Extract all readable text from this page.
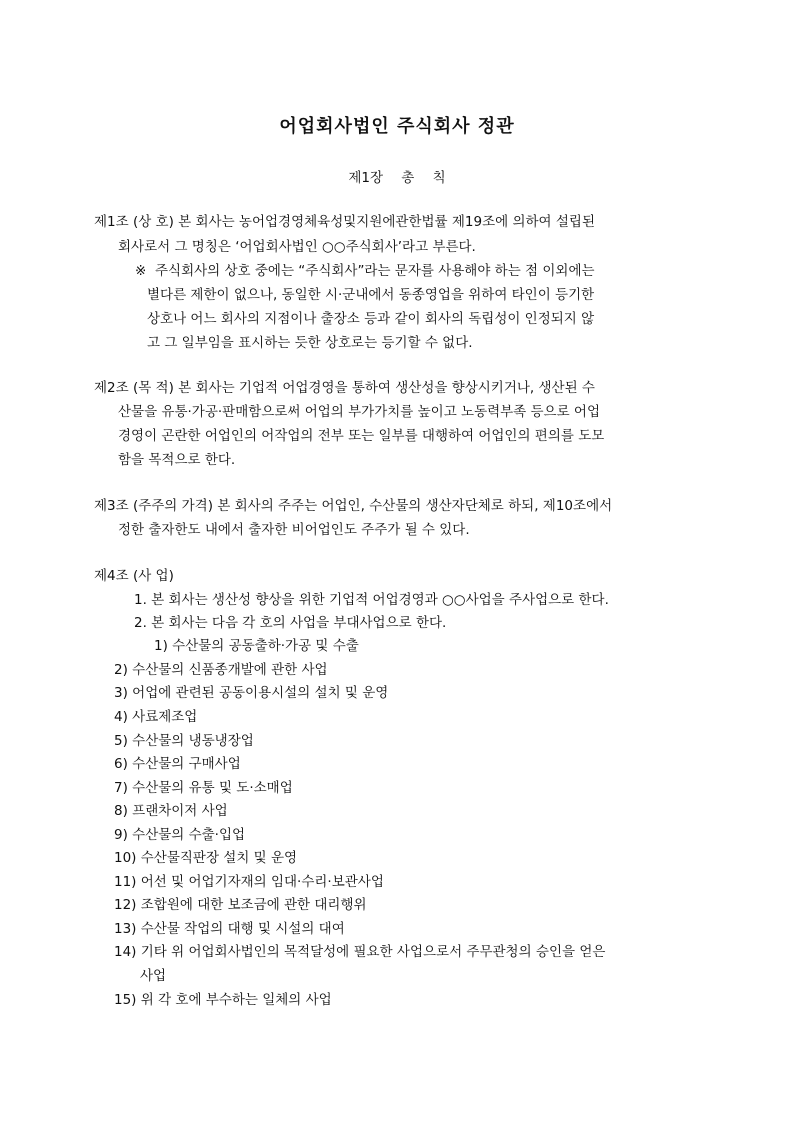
어업회사법인 주식회사 정관
제1장 총 칙
제1조 (상 호) 본 회사는 농어업경영체육성및지원에관한법률 제19조에 의하여 설립된
회사로서 그 명칭은 ‘어업회사법인 ○○주식회사’라고 부른다.
※ 주식회사의 상호 중에는 “주식회사”라는 문자를 사용해야 하는 점 이외에는
별다른 제한이 없으나, 동일한 시·군내에서 동종영업을 위하여 타인이 등기한
상호나 어느 회사의 지점이나 출장소 등과 같이 회사의 독립성이 인정되지 않
고 그 일부임을 표시하는 듯한 상호로는 등기할 수 없다.
제2조 (목 적) 본 회사는 기업적 어업경영을 통하여 생산성을 향상시키거나, 생산된 수
산물을 유통·가공·판매함으로써 어업의 부가가치를 높이고 노동력부족 등으로 어업
경영이 곤란한 어업인의 어작업의 전부 또는 일부를 대행하여 어업인의 편의를 도모
함을 목적으로 한다.
제3조 (주주의 가격) 본 회사의 주주는 어업인, 수산물의 생산자단체로 하되, 제10조에서
정한 출자한도 내에서 출자한 비어업인도 주주가 될 수 있다.
제4조 (사 업)
1. 본 회사는 생산성 향상을 위한 기업적 어업경영과 ○○사업을 주사업으로 한다.
2. 본 회사는 다음 각 호의 사업을 부대사업으로 한다.
1) 수산물의 공동출하·가공 및 수출
2) 수산물의 신품종개발에 관한 사업
3) 어업에 관련된 공동이용시설의 설치 및 운영
4) 사료제조업
5) 수산물의 냉동냉장업
6) 수산물의 구매사업
7) 수산물의 유통 및 도·소매업
8) 프랜차이저 사업
9) 수산물의 수출·입업
10) 수산물직판장 설치 및 운영
11) 어선 및 어업기자재의 임대·수리·보관사업
12) 조합원에 대한 보조금에 관한 대리행위
13) 수산물 작업의 대행 및 시설의 대여
14) 기타 위 어업회사법인의 목적달성에 필요한 사업으로서 주무관청의 승인을 얻은
사업
15) 위 각 호에 부수하는 일체의 사업
